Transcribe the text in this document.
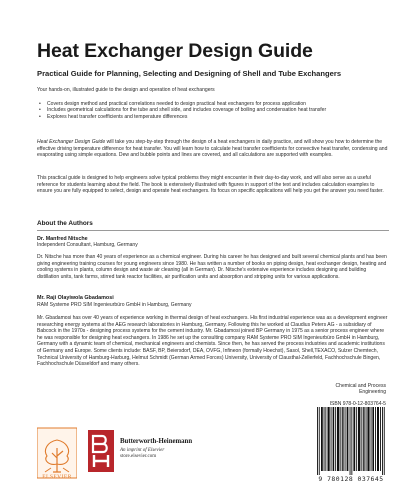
Heat Exchanger Design Guide
Practical Guide for Planning, Selecting and Designing of Shell and Tube Exchangers

Your hands-on, illustrated guide to the design and operation of heat exchangers

• Covers design method and practical correlations needed to design practical heat exchangers for process application
• Includes geometrical calculations for the tube and shell side, and includes coverage of boiling and condensation heat transfer
• Explores heat transfer coefficients and temperature differences

Heat Exchanger Design Guide will take you step-by-step through the design of a heat exchangers in daily practice, and will show you how to determine the effective driving temperature difference for heat transfer. You will learn how to calculate heat transfer coefficients for convective heat transfer, condensing and evaporating using simple equations. Dew and bubble points and lines are covered, and all calculations are supported with examples.

This practical guide is designed to help engineers solve typical problems they might encounter in their day-to-day work, and will also serve as a useful reference for students learning about the field. The book is extensively illustrated with figures in support of the text and includes calculation examples to ensure you are fully equipped to select, design and operate heat exchangers. Its focus on specific applications will help you get the answer you need faster.

About the Authors
Dr. Manfred Nitsche
Independent Consultant, Hamburg, Germany

Dr. Nitsche has more than 40 years of experience as a chemical engineer. During his career he has designed and built several chemical plants and has been giving engineering training courses for young engineers since 1980. He has written a number of books on piping design, heat exchanger design, heating and cooling systems in plants, column design and waste air cleaning (all in German). Dr. Nitsche's extensive experience includes designing and building distillation units, tank farms, stirred tank reactor facilities, air purification units and absorption and stripping units for various applications.

Mr. Raji Olayiwola Gbadamosi
RAM Systeme PRO SIM Ingenieurbüro GmbH in Hamburg, Germany

Mr. Gbadamosi has over 40 years of experience working in thermal design of heat exchangers. His first industrial experience was as a development engineer researching energy systems at the AEG research laboratories in Hamburg, Germany. Following this he worked at Claudius Peters AG - a subsidiary of Babcock in the 1970s - designing process systems for the cement industry. Mr. Gbadamosi joined BP Germany in 1975 as a senior process engineer where he was responsible for designing heat exchangers. In 1986 he set up the consulting company RAM Systeme PRO SIM Ingenieurbüro GmbH in Hamburg, Germany with a dynamic team of chemical, mechanical engineers and chemists. Since then, he has served the process industries and academic institutions of Germany and Europe. Some clients include: BASF, BP, Beiersdorf, DEA, OVFG, Infineon (formally Hoechst), Sasol, Shell,TEXACO, Sulzer Chemtech, Technical University of Hamburg-Harburg, Helmut Schmidt (German Armed Forces) University, University of Clausthal-Zellerfeld, Fachhochschule Bingen, Fachhochschule Düsseldorf and many others.

Chemical and Process
Engineering
ISBN 978-0-12-803764-5
9 780128 037645
ELSEVIER
Butterworth-Heinemann
An imprint of Elsevier
store.elsevier.com
